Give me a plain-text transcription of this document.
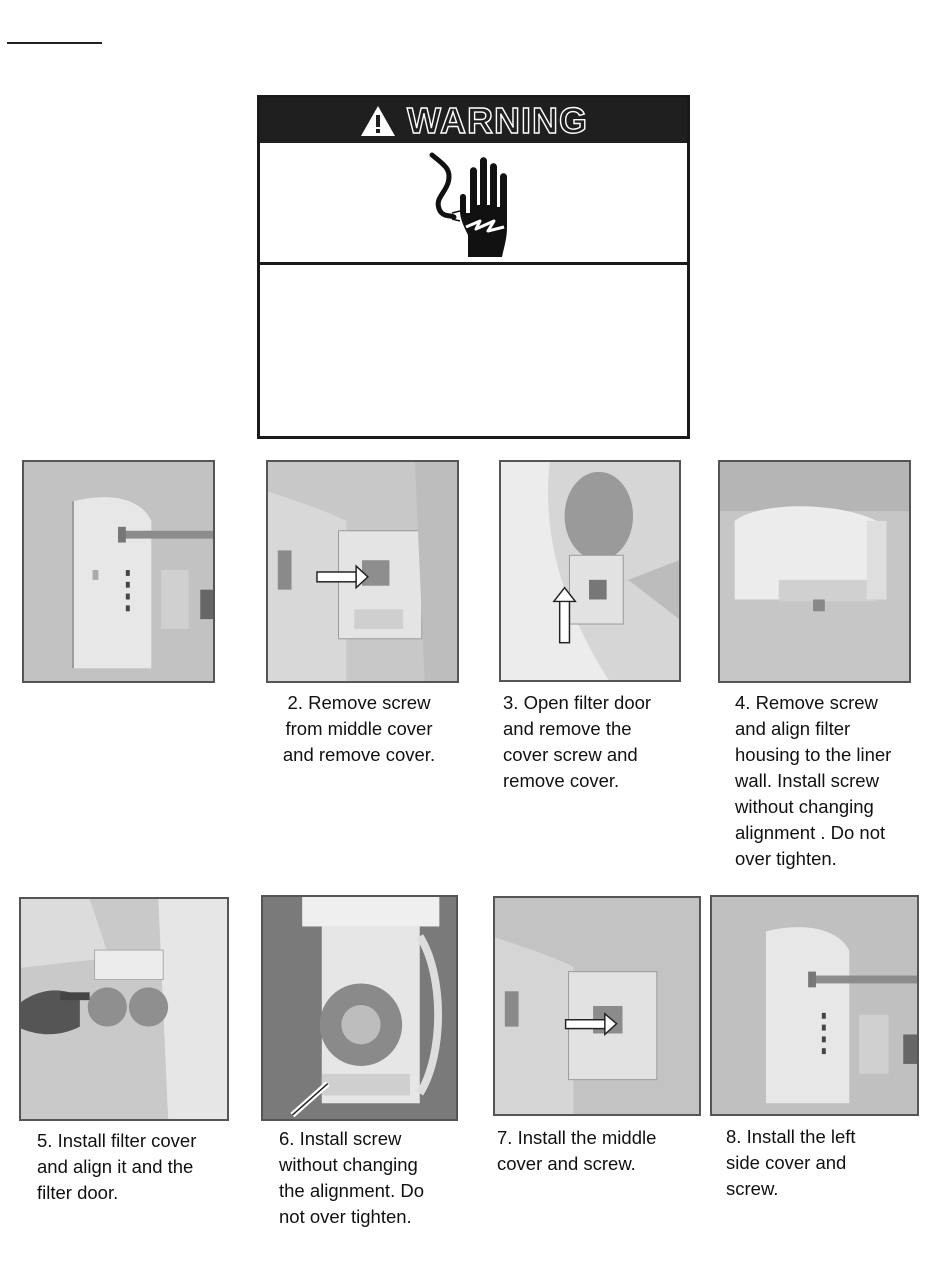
WARNING
2. Remove screw
from middle cover
and remove cover.
3. Open filter door
and remove the
cover screw and
remove cover.
4. Remove screw
and align filter
housing to the liner
wall. Install screw
without changing
alignment . Do not
over tighten.
5. Install filter cover
and align it and the
filter door.
6. Install screw
without changing
the alignment. Do
not over tighten.
7. Install the middle
cover and screw.
8. Install the left
side cover and
screw.
